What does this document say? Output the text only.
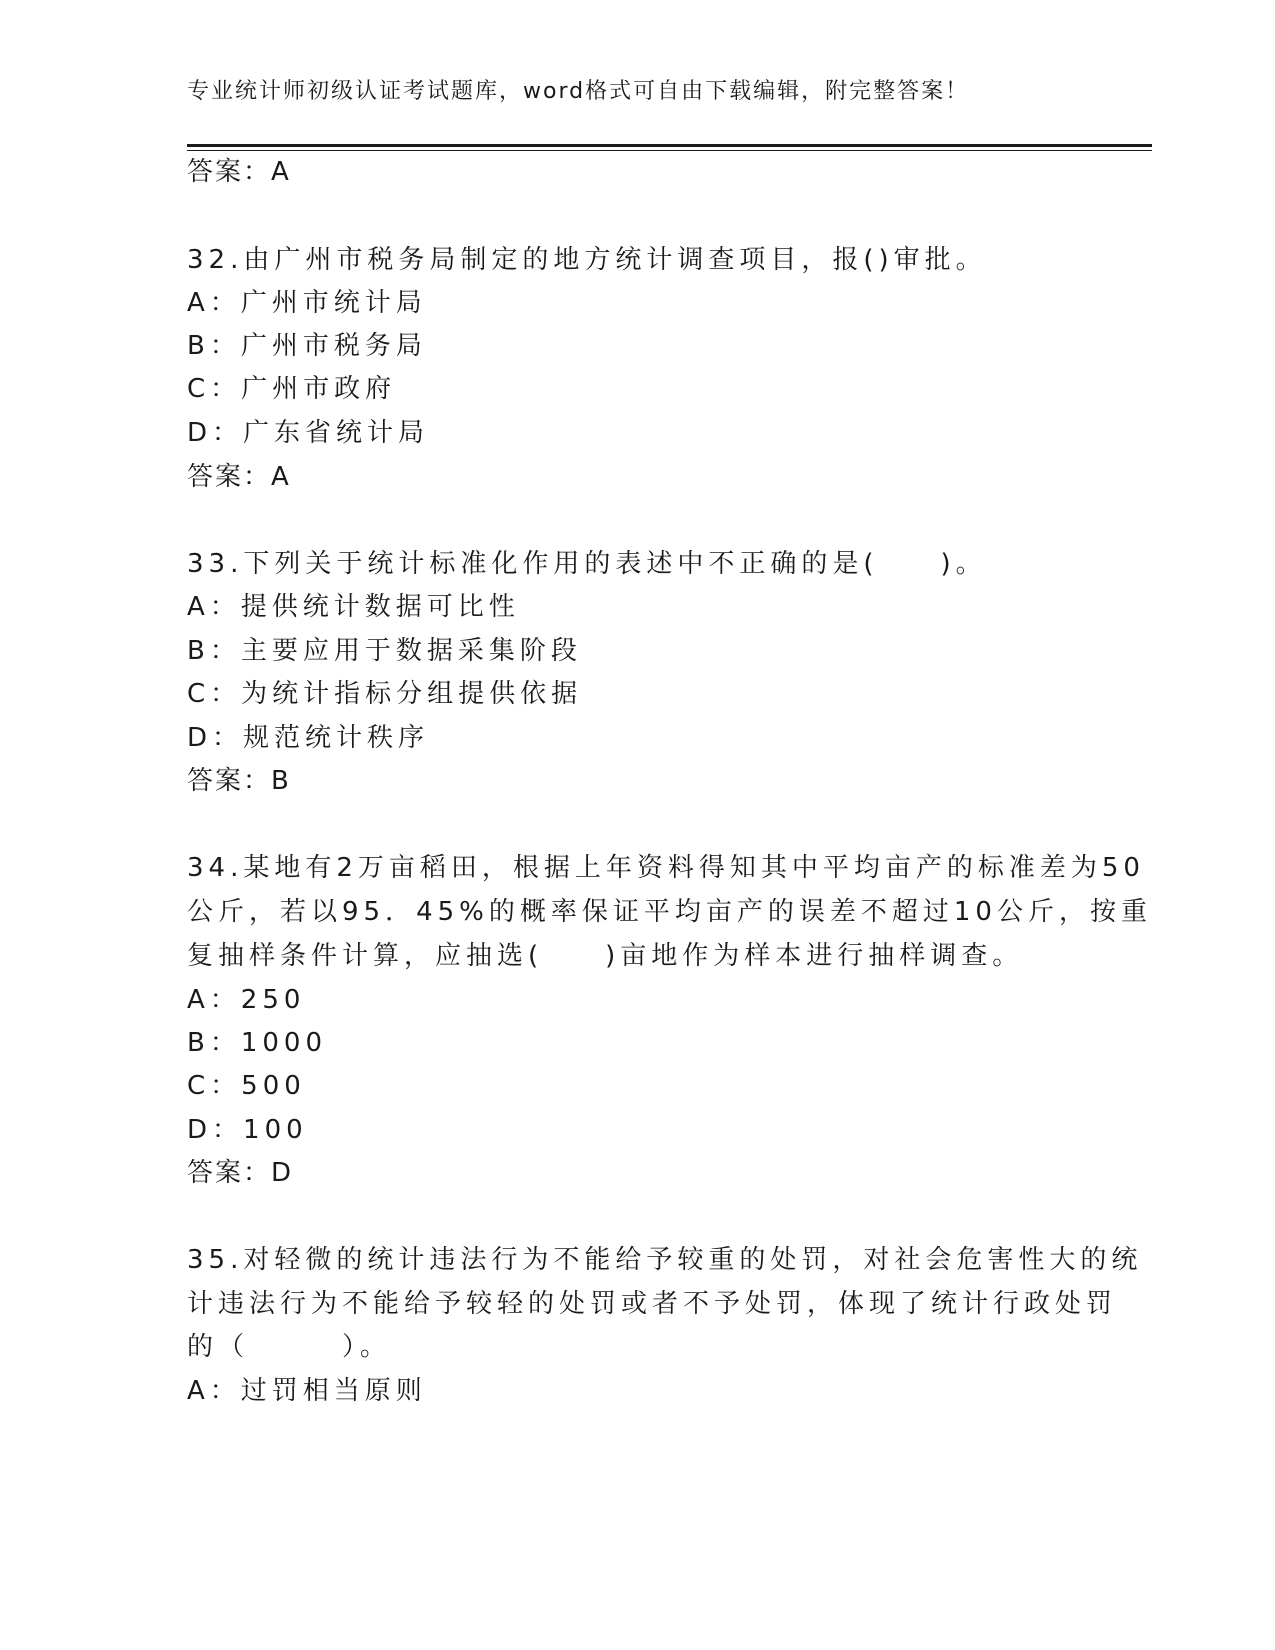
专业统计师初级认证考试题库，word格式可自由下载编辑，附完整答案！
答案：A
32.由广州市税务局制定的地方统计调查项目，报()审批。
A：广州市统计局
B：广州市税务局
C：广州市政府
D：广东省统计局
答案：A
33.下列关于统计标准化作用的表述中不正确的是(　　)。
A：提供统计数据可比性
B：主要应用于数据采集阶段
C：为统计指标分组提供依据
D：规范统计秩序
答案：B
34.某地有2万亩稻田，根据上年资料得知其中平均亩产的标准差为50
公斤，若以95．45%的概率保证平均亩产的误差不超过10公斤，按重
复抽样条件计算，应抽选(　　)亩地作为样本进行抽样调查。
A：250
B：1000
C：500
D：100
答案：D
35.对轻微的统计违法行为不能给予较重的处罚，对社会危害性大的统
计违法行为不能给予较轻的处罚或者不予处罚，体现了统计行政处罚
的（　　　）。
A：过罚相当原则
